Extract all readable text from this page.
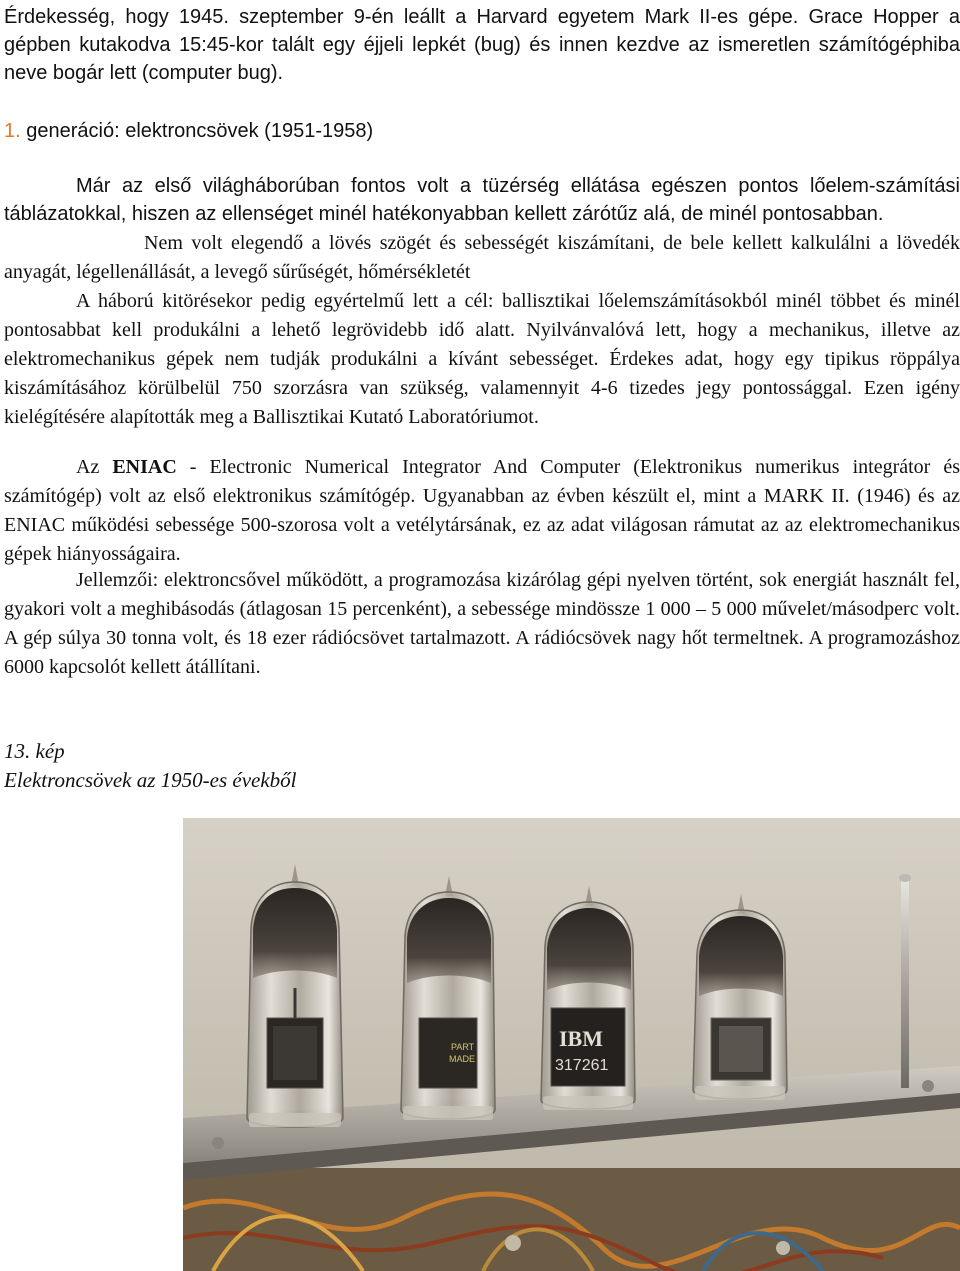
Érdekesség, hogy 1945. szeptember 9-én leállt a Harvard egyetem Mark II-es gépe. Grace Hopper a gépben kutakodva 15:45-kor talált egy éjjeli lepkét (bug) és innen kezdve az ismeretlen számítógéphiba neve bogár lett (computer bug).

1. generáció: elektroncsövek (1951-1958)
Már az első világháborúban fontos volt a tüzérség ellátása egészen pontos lőelem-számítási táblázatokkal, hiszen az ellenséget minél hatékonyabban kellett zárótűz alá, de minél pontosabban.
Nem volt elegendő a lövés szögét és sebességét kiszámítani, de bele kellett kalkulálni a lövedék anyagát, légellenállását, a levegő sűrűségét, hőmérsékletét
A háború kitörésekor pedig egyértelmű lett a cél: ballisztikai lőelemszámításokból minél többet és minél pontosabbat kell produkálni a lehető legrövidebb idő alatt. Nyilvánvalóvá lett, hogy a mechanikus, illetve az elektromechanikus gépek nem tudják produkálni a kívánt sebességet. Érdekes adat, hogy egy tipikus röppálya kiszámításához körülbelül 750 szorzásra van szükség, valamennyit 4-6 tizedes jegy pontossággal. Ezen igény kielégítésére alapították meg a Ballisztikai Kutató Laboratóriumot.
Az ENIAC - Electronic Numerical Integrator And Computer (Elektronikus numerikus integrátor és számítógép) volt az első elektronikus számítógép. Ugyanabban az évben készült el, mint a MARK II. (1946) és az ENIAC működési sebessége 500-szorosa volt a vetélytársának, ez az adat világosan rámutat az az elektromechanikus gépek hiányosságaira.
Jellemzői: elektroncsővel működött, a programozása kizárólag gépi nyelven történt, sok energiát használt fel, gyakori volt a meghibásodás (átlagosan 15 percenként), a sebessége mindössze 1 000 – 5 000 művelet/másodperc volt. A gép súlya 30 tonna volt, és 18 ezer rádiócsövet tartalmazott. A rádiócsövek nagy hőt termeltnek. A programozáshoz 6000 kapcsolót kellett átállítani.
13. kép
Elektroncsövek az 1950-es évekből
PART
MADE
IBM
317261
